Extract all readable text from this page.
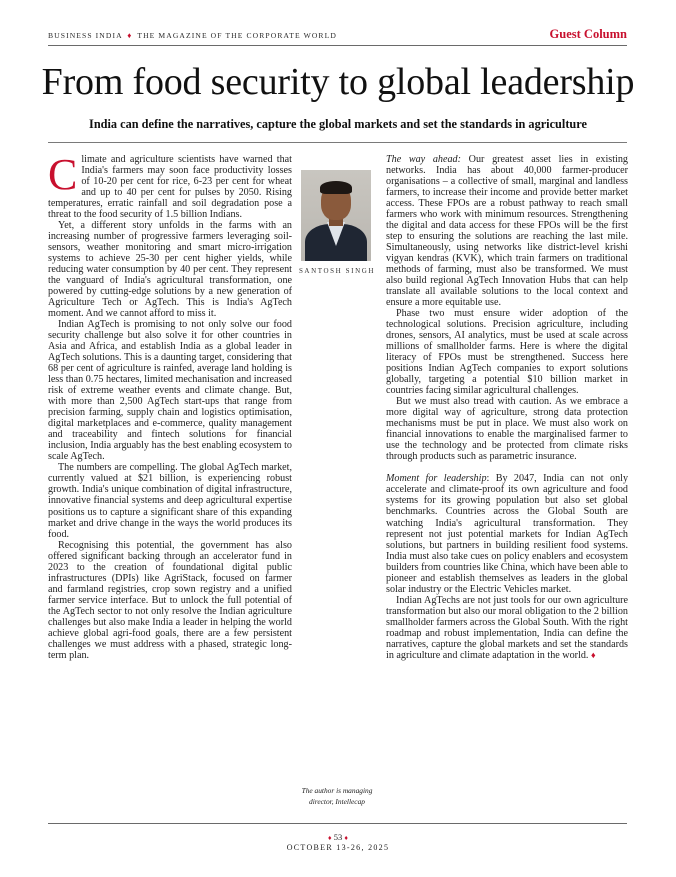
BUSINESS INDIA ♦ THE MAGAZINE OF THE CORPORATE WORLD	Guest Column
From food security to global leadership
India can define the narratives, capture the global markets and set the standards in agriculture

Climate and agriculture scientists have warned that India's farmers may soon face productivity losses of 10-20 per cent for rice, 6-23 per cent for wheat and up to 40 per cent for pulses by 2050. Rising temperatures, erratic rainfall and soil degradation pose a threat to the food security of 1.5 billion Indians.

Yet, a different story unfolds in the farms with an increasing number of progressive farmers leveraging soil-sensors, weather monitoring and smart micro-irrigation systems to achieve 25-30 per cent higher yields, while reducing water consumption by 40 per cent. They represent the vanguard of India's agricultural transformation, one powered by cutting-edge solutions by a new generation of Agriculture Tech or AgTech. This is India's AgTech moment. And we cannot afford to miss it.

Indian AgTech is promising to not only solve our food security challenge but also solve it for other countries in Asia and Africa, and establish India as a global leader in AgTech solutions. This is a daunting target, considering that 68 per cent of agriculture is rainfed, average land holding is less than 0.75 hectares, limited mechanisation and increased risk of extreme weather events and climate change. But, with more than 2,500 AgTech start-ups that range from precision farming, supply chain and logistics optimisation, digital marketplaces and e-commerce, quality management and traceability and fintech solutions for financial inclusion, India arguably has the best enabling ecosystem to scale AgTech.

The numbers are compelling. The global AgTech market, currently valued at $21 billion, is experiencing robust growth. India's unique combination of digital infrastructure, innovative financial systems and deep agricultural expertise positions us to capture a significant share of this expanding market and drive change in the ways the world produces its food.

Recognising this potential, the government has also offered significant backing through an accelerator fund in 2023 to the creation of foundational digital public infrastructures (DPIs) like AgriStack, focused on farmer and farmland registries, crop sown registry and a unified farmer service interface. But to unlock the full potential of the AgTech sector to not only resolve the Indian agriculture challenges but also make India a leader in helping the world achieve global agri-food goals, there are a few persistent challenges we must address with a phased, strategic long-term plan.

SANTOSH SINGH
The author is managing
director, Intellecap

The way ahead: Our greatest asset lies in existing networks. India has about 40,000 farmer-producer organisations – a collective of small, marginal and landless farmers, to increase their income and provide better market access. These FPOs are a robust pathway to reach small farmers who work with minimum resources. Strengthening the digital and data access for these FPOs will be the first step to ensuring the solutions are reaching the last mile. Simultaneously, using networks like district-level krishi vigyan kendras (KVK), which train farmers on traditional methods of farming, must also be transformed. We must also build regional AgTech Innovation Hubs that can help translate all available solutions to the local context and ensure a more equitable use.

Phase two must ensure wider adoption of the technological solutions. Precision agriculture, including drones, sensors, AI analytics, must be used at scale across millions of smallholder farms. Here is where the digital literacy of FPOs must be strengthened. Success here positions Indian AgTech companies to export solutions globally, targeting a potential $10 billion market in countries facing similar agricultural challenges.

But we must also tread with caution. As we embrace a more digital way of agriculture, strong data protection mechanisms must be put in place. We must also work on financial innovations to enable the marginalised farmer to use the technology and be protected from climate risks through products such as parametric insurance.

Moment for leadership: By 2047, India can not only accelerate and climate-proof its own agriculture and food systems for its growing population but also set global benchmarks. Countries across the Global South are watching India's agricultural transformation. They represent not just potential markets for Indian AgTech solutions, but partners in building resilient food systems. India must also take cues on policy enablers and ecosystem builders from countries like China, which have been able to pioneer and establish themselves as leaders in the global solar industry or the Electric Vehicles market.

Indian AgTechs are not just tools for our own agriculture transformation but also our moral obligation to the 2 billion smallholder farmers across the Global South. With the right roadmap and robust implementation, India can define the narratives, capture the global markets and set the standards in agriculture and climate adaptation in the world. ♦

♦ 53 ♦
OCTOBER 13-26, 2025
